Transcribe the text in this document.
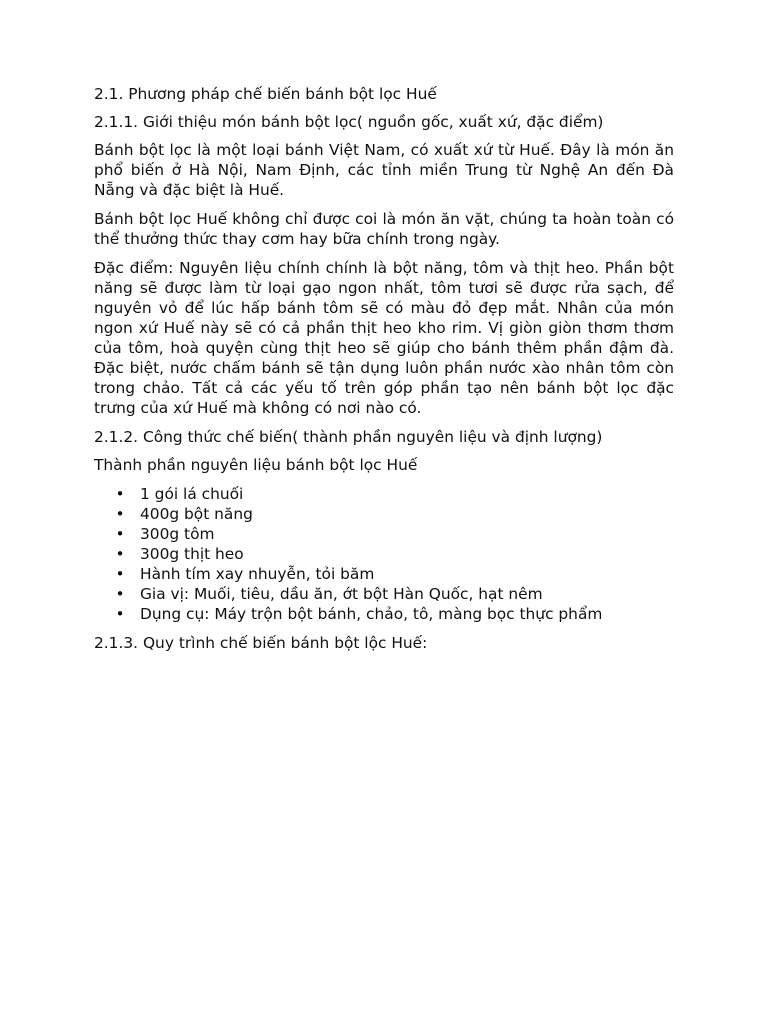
2.1. Phương pháp chế biến bánh bột lọc Huế

2.1.1. Giới thiệu món bánh bột lọc( nguồn gốc, xuất xứ, đặc điểm)

Bánh bột lọc là một loại bánh Việt Nam, có xuất xứ từ Huế. Đây là món ăn phổ biến ở Hà Nội, Nam Định, các tỉnh miền Trung từ Nghệ An đến Đà Nẵng và đặc biệt là Huế.

Bánh bột lọc Huế không chỉ được coi là món ăn vặt, chúng ta hoàn toàn có thể thưởng thức thay cơm hay bữa chính trong ngày.

Đặc điểm: Nguyên liệu chính chính là bột năng, tôm và thịt heo. Phần bột năng sẽ được làm từ loại gạo ngon nhất, tôm tươi sẽ được rửa sạch, để nguyên vỏ để lúc hấp bánh tôm sẽ có màu đỏ đẹp mắt. Nhân của món ngon xứ Huế này sẽ có cả phần thịt heo kho rim. Vị giòn giòn thơm thơm của tôm, hoà quyện cùng thịt heo sẽ giúp cho bánh thêm phần đậm đà. Đặc biệt, nước chấm bánh sẽ tận dụng luôn phần nước xào nhân tôm còn trong chảo. Tất cả các yếu tố trên góp phần tạo nên bánh bột lọc đặc trưng của xứ Huế mà không có nơi nào có.

2.1.2. Công thức chế biến( thành phần nguyên liệu và định lượng)

Thành phần nguyên liệu bánh bột lọc Huế

• 1 gói lá chuối
• 400g bột năng
• 300g tôm
• 300g thịt heo
• Hành tím xay nhuyễn, tỏi băm
• Gia vị: Muối, tiêu, dầu ăn, ớt bột Hàn Quốc, hạt nêm
• Dụng cụ: Máy trộn bột bánh, chảo, tô, màng bọc thực phẩm

2.1.3. Quy trình chế biến bánh bột lộc Huế:
